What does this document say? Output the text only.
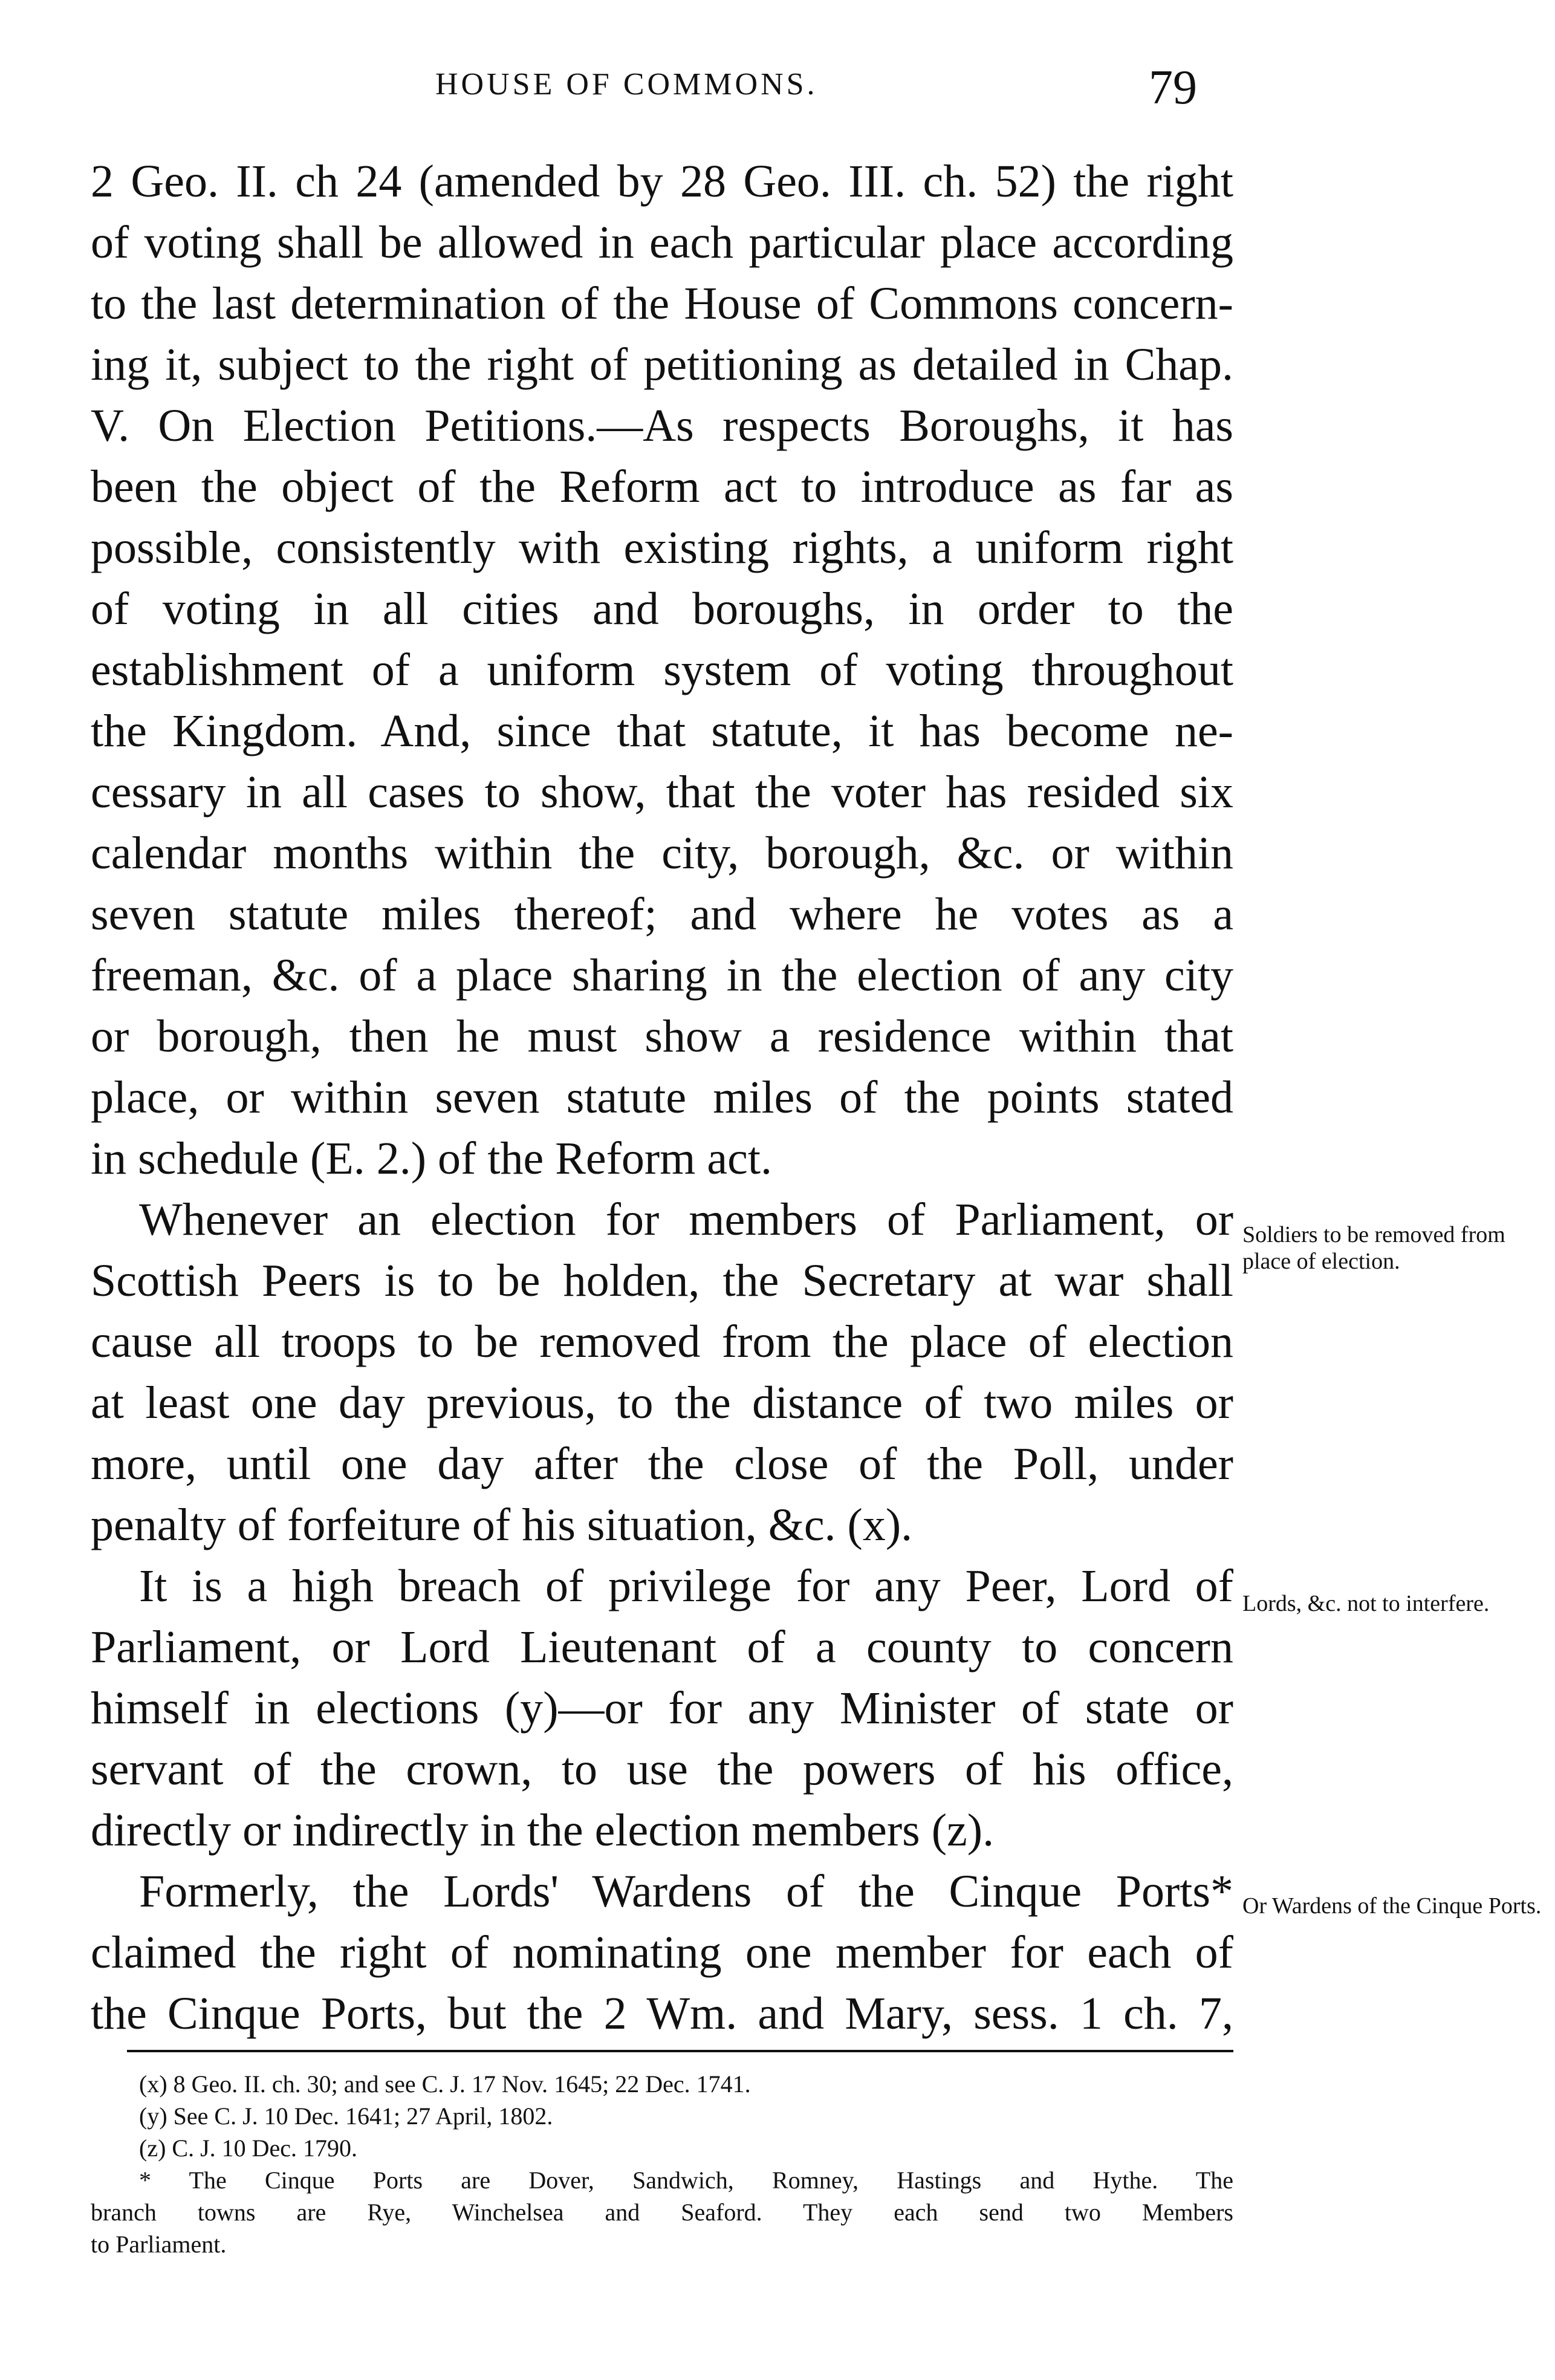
HOUSE OF COMMONS.	79
2 Geo. II. ch 24 (amended by 28 Geo. III. ch. 52) the right
of voting shall be allowed in each particular place according
to the last determination of the House of Commons concern-
ing it, subject to the right of petitioning as detailed in Chap.
V. On Election Petitions.—As respects Boroughs, it has
been the object of the Reform act to introduce as far as
possible, consistently with existing rights, a uniform right
of voting in all cities and boroughs, in order to the
establishment of a uniform system of voting throughout
the Kingdom. And, since that statute, it has become ne-
cessary in all cases to show, that the voter has resided six
calendar months within the city, borough, &c. or within
seven statute miles thereof; and where he votes as a
freeman, &c. of a place sharing in the election of any city
or borough, then he must show a residence within that
place, or within seven statute miles of the points stated
in schedule (E. 2.) of the Reform act.
Whenever an election for members of Parliament, or
Scottish Peers is to be holden, the Secretary at war shall
cause all troops to be removed from the place of election
at least one day previous, to the distance of two miles or
more, until one day after the close of the Poll, under
penalty of forfeiture of his situation, &c. (x).
It is a high breach of privilege for any Peer, Lord of
Parliament, or Lord Lieutenant of a county to concern
himself in elections (y)—or for any Minister of state or
servant of the crown, to use the powers of his office,
directly or indirectly in the election members (z).
Formerly, the Lords' Wardens of the Cinque Ports*
claimed the right of nominating one member for each of
the Cinque Ports, but the 2 Wm. and Mary, sess. 1 ch. 7,
Soldiers to be removed from place of election.
Lords, &c. not to interfere.
Or Wardens of the Cinque Ports.
(x) 8 Geo. II. ch. 30; and see C. J. 17 Nov. 1645; 22 Dec. 1741.
(y) See C. J. 10 Dec. 1641; 27 April, 1802.
(z) C. J. 10 Dec. 1790.
* The Cinque Ports are Dover, Sandwich, Romney, Hastings and Hythe. The
branch towns are Rye, Winchelsea and Seaford. They each send two Members
to Parliament.
